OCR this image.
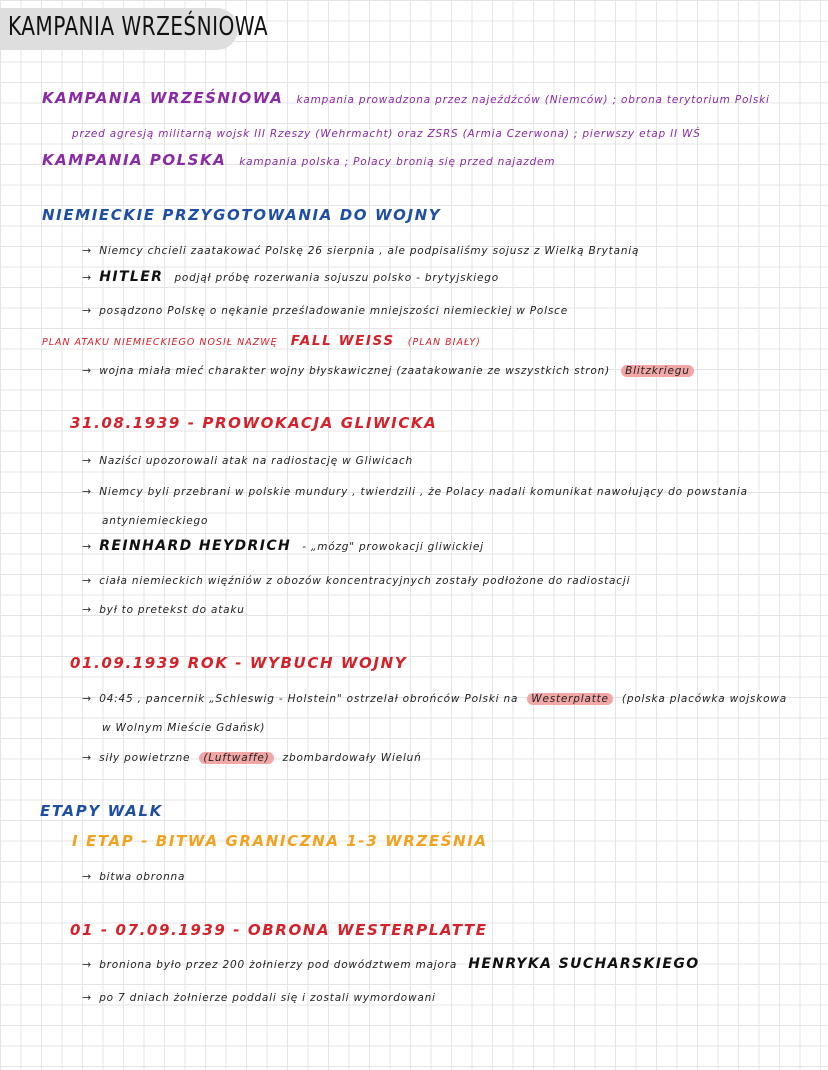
KAMPANIA WRZEŚNIOWA
KAMPANIA WRZEŚNIOWA kampania prowadzona przez najeźdźców (Niemców) ; obrona terytorium Polski
przed agresją militarną wojsk III Rzeszy (Wehrmacht) oraz ZSRS (Armia Czerwona) ; pierwszy etap II WŚ
KAMPANIA POLSKA kampania polska ; Polacy bronią się przed najazdem
NIEMIECKIE PRZYGOTOWANIA DO WOJNY
→ Niemcy chcieli zaatakować Polskę 26 sierpnia , ale podpisaliśmy sojusz z Wielką Brytanią
→ HITLER podjął próbę rozerwania sojuszu polsko - brytyjskiego
→ posądzono Polskę o nękanie prześladowanie mniejszości niemieckiej w Polsce
PLAN ATAKU NIEMIECKIEGO NOSIŁ NAZWĘ FALL WEISS (PLAN BIAŁY)
→ wojna miała mieć charakter wojny błyskawicznej (zaatakowanie ze wszystkich stron) Blitzkriegu
31.08.1939 - PROWOKACJA GLIWICKA
→ Naziści upozorowali atak na radiostację w Gliwicach
→ Niemcy byli przebrani w polskie mundury , twierdzili , że Polacy nadali komunikat nawołujący do powstania
antyniemieckiego
→ REINHARD HEYDRICH - „mózg" prowokacji gliwickiej
→ ciała niemieckich więźniów z obozów koncentracyjnych zostały podłożone do radiostacji
→ był to pretekst do ataku
01.09.1939 ROK - WYBUCH WOJNY
→ 04:45 , pancernik „Schleswig - Holstein" ostrzelał obrońców Polski na Westerplatte (polska placówka wojskowa
w Wolnym Mieście Gdańsk)
→ siły powietrzne (Luftwaffe) zbombardowały Wieluń
ETAPY WALK
I ETAP - BITWA GRANICZNA 1-3 WRZEŚNIA
→ bitwa obronna
01 - 07.09.1939 - OBRONA WESTERPLATTE
→ broniona było przez 200 żołnierzy pod dowództwem majora HENRYKA SUCHARSKIEGO
→ po 7 dniach żołnierze poddali się i zostali wymordowani
